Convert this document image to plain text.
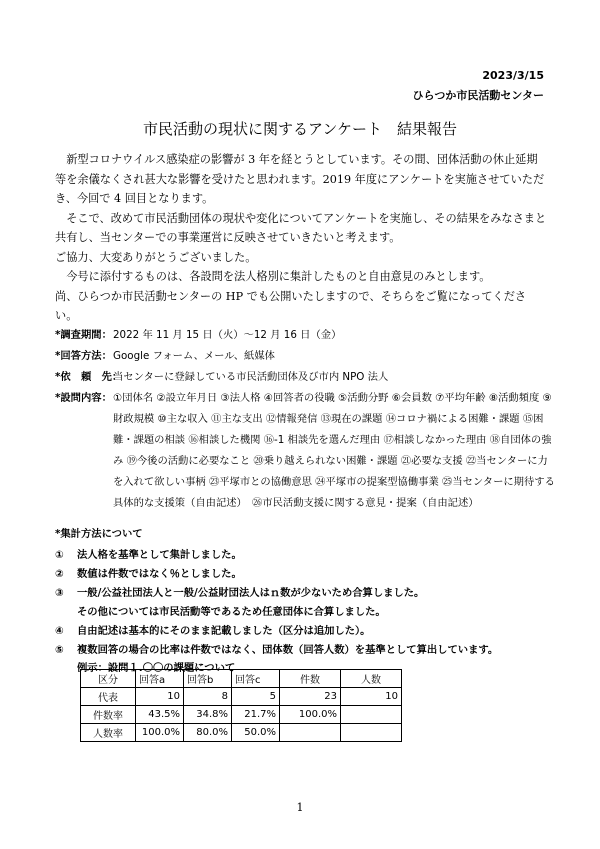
2023/3/15
ひらつか市民活動センター
市民活動の現状に関するアンケート　結果報告

　新型コロナウイルス感染症の影響が 3 年を経とうとしています。その間、団体活動の休止延期等を余儀なくされ甚大な影響を受けたと思われます。2019 年度にアンケートを実施させていただき、今回で 4 回目となります。

　そこで、改めて市民活動団体の現状や変化についてアンケートを実施し、その結果をみなさまと共有し、当センターでの事業運営に反映させていきたいと考えます。

ご協力、大変ありがとうございました。

　今号に添付するものは、各設問を法人格別に集計したものと自由意見のみとします。

尚、ひらつか市民活動センターの HP でも公開いたしますので、そちらをご覧になってください。

*調査期間： 2022 年 11 月 15 日（火）～12 月 16 日（金）
*回答方法： Google フォーム、メール、紙媒体
*依　頼　先：
当センターに登録している市民活動団体及び市内 NPO 法人
*設問内容： ①団体名 ②設立年月日 ③法人格 ④回答者の役職 ⑤活動分野 ⑥会員数 ⑦平均年齢 ⑧活動頻度 ⑨財政規模 ⑩主な収入 ⑪主な支出 ⑫情報発信 ⑬現在の課題 ⑭コロナ禍による困難・課題 ⑮困難・課題の相談 ⑯相談した機関 ⑯-1 相談先を選んだ理由 ⑰相談しなかった理由 ⑱自団体の強み ⑲今後の活動に必要なこと ⑳乗り越えられない困難・課題 ㉑必要な支援 ㉒当センターに力を入れて欲しい事柄 ㉓平塚市との協働意思 ㉔平塚市の提案型協働事業 ㉕当センターに期待する具体的な支援策（自由記述）　㉖市民活動支援に関する意見・提案（自由記述）
*集計方法について
①	法人格を基準として集計しました。
②	数値は件数ではなく％としました。
③	一般/公益社団法人と一般/公益財団法人はｎ数が少ないため合算しました。
その他については市民活動等であるため任意団体に合算しました。
④	自由記述は基本的にそのまま記載しました（区分は追加した）。
⑤	複数回答の場合の比率は件数ではなく、団体数（回答人数）を基準として算出しています。
例示：設問１.〇〇の課題について
区分	回答a	回答b	回答c	件数	人数
代表	10	8	5	23	10
件数率	43.5%	34.8%	21.7%	100.0%	
人数率	100.0%	80.0%	50.0%		
1
